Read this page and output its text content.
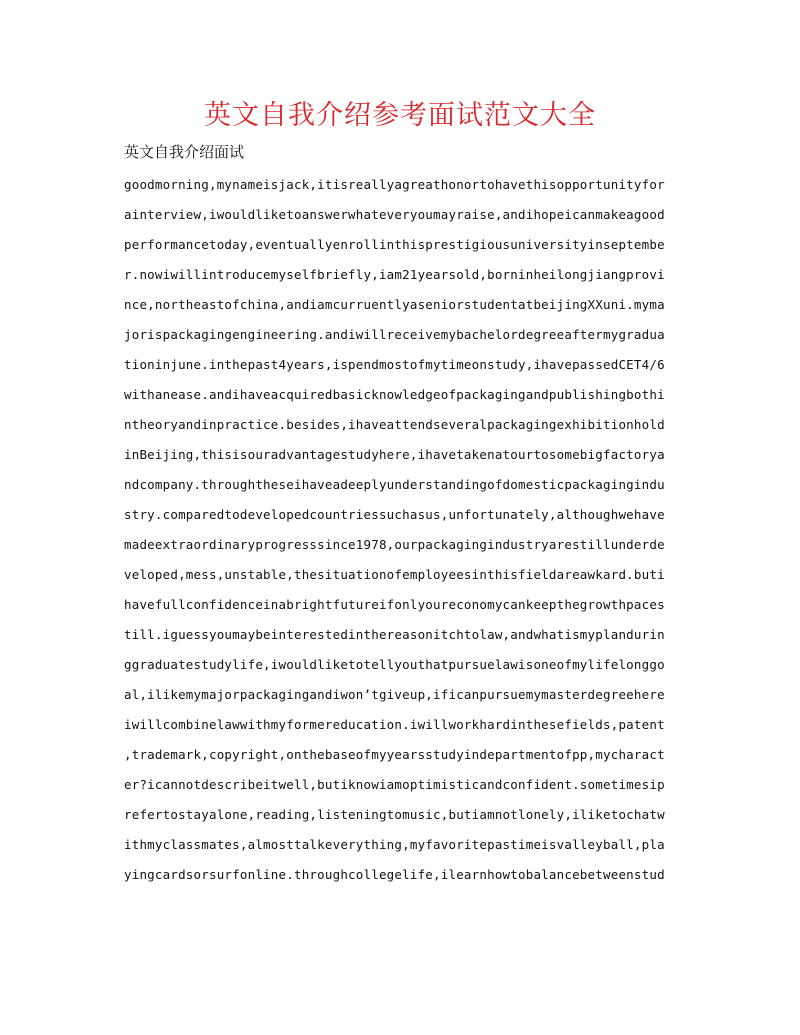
英文自我介绍参考面试范文大全
英文自我介绍面试
goodmorning,mynameisjack,itisreallyagreathonortohavethisopportunityfor
ainterview,iwouldliketoanswerwhateveryoumayraise,andihopeicanmakeagood
performancetoday,eventuallyenrollinthisprestigiousuniversityinseptembe
r.nowiwillintroducemyselfbriefly,iam21yearsold,borninheilongjiangprovi
nce,northeastofchina,andiamcurruentlyaseniorstudentatbeijingXXuni.myma
jorispackagingengineering.andiwillreceivemybachelordegreeaftermygradua
tioninjune.inthepast4years,ispendmostofmytimeonstudy,ihavepassedCET4/6
withanease.andihaveacquiredbasicknowledgeofpackagingandpublishingbothi
ntheoryandinpractice.besides,ihaveattendseveralpackagingexhibitionhold
inBeijing,thisisouradvantagestudyhere,ihavetakenatourtosomebigfactorya
ndcompany.throughtheseihaveadeeplyunderstandingofdomesticpackagingindu
stry.comparedtodevelopedcountriessuchasus,unfortunately,althoughwehave
madeextraordinaryprogresssince1978,ourpackagingindustryarestillunderde
veloped,mess,unstable,thesituationofemployeesinthisfieldareawkard.buti
havefullconfidenceinabrightfutureifonlyoureconomycankeepthegrowthpaces
till.iguessyoumaybeinterestedinthereasonitchtolaw,andwhatismyplandurin
ggraduatestudylife,iwouldliketotellyouthatpursuelawisoneofmylifelonggo
al,ilikemymajorpackagingandiwon’tgiveup,ificanpursuemymasterdegreehere
iwillcombinelawwithmyformereducation.iwillworkhardinthesefields,patent
,trademark,copyright,onthebaseofmyyearsstudyindepartmentofpp,mycharact
er?icannotdescribeitwell,butiknowiamoptimisticandconfident.sometimesip
refertostayalone,reading,listeningtomusic,butiamnotlonely,iliketochatw
ithmyclassmates,almosttalkeverything,myfavoritepastimeisvalleyball,pla
yingcardsorsurfonline.throughcollegelife,ilearnhowtobalancebetweenstud
